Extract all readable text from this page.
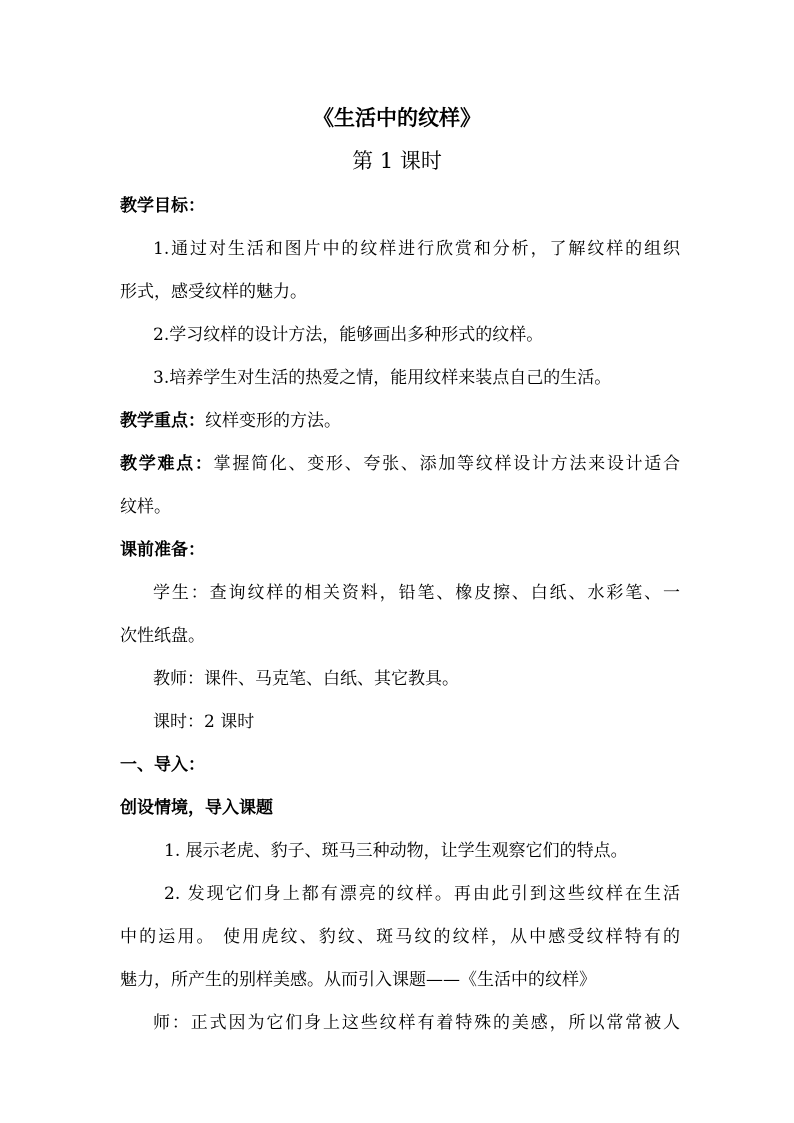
《生活中的纹样》
第 1 课时
教学目标：
1.通过对生活和图片中的纹样进行欣赏和分析，了解纹样的组织
形式，感受纹样的魅力。
2.学习纹样的设计方法，能够画出多种形式的纹样。
3.培养学生对生活的热爱之情，能用纹样来装点自己的生活。
教学重点：纹样变形的方法。
教学难点：掌握简化、变形、夸张、添加等纹样设计方法来设计适合
纹样。
课前准备：
学生：查询纹样的相关资料，铅笔、橡皮擦、白纸、水彩笔、一
次性纸盘。
教师：课件、马克笔、白纸、其它教具。
课时：2 课时
一、导入：
创设情境，导入课题
1. 展示老虎、豹子、斑马三种动物，让学生观察它们的特点。
2. 发现它们身上都有漂亮的纹样。再由此引到这些纹样在生活
中的运用。 使用虎纹、豹纹、斑马纹的纹样，从中感受纹样特有的
魅力，所产生的别样美感。从而引入课题——《生活中的纹样》
师：正式因为它们身上这些纹样有着特殊的美感，所以常常被人
